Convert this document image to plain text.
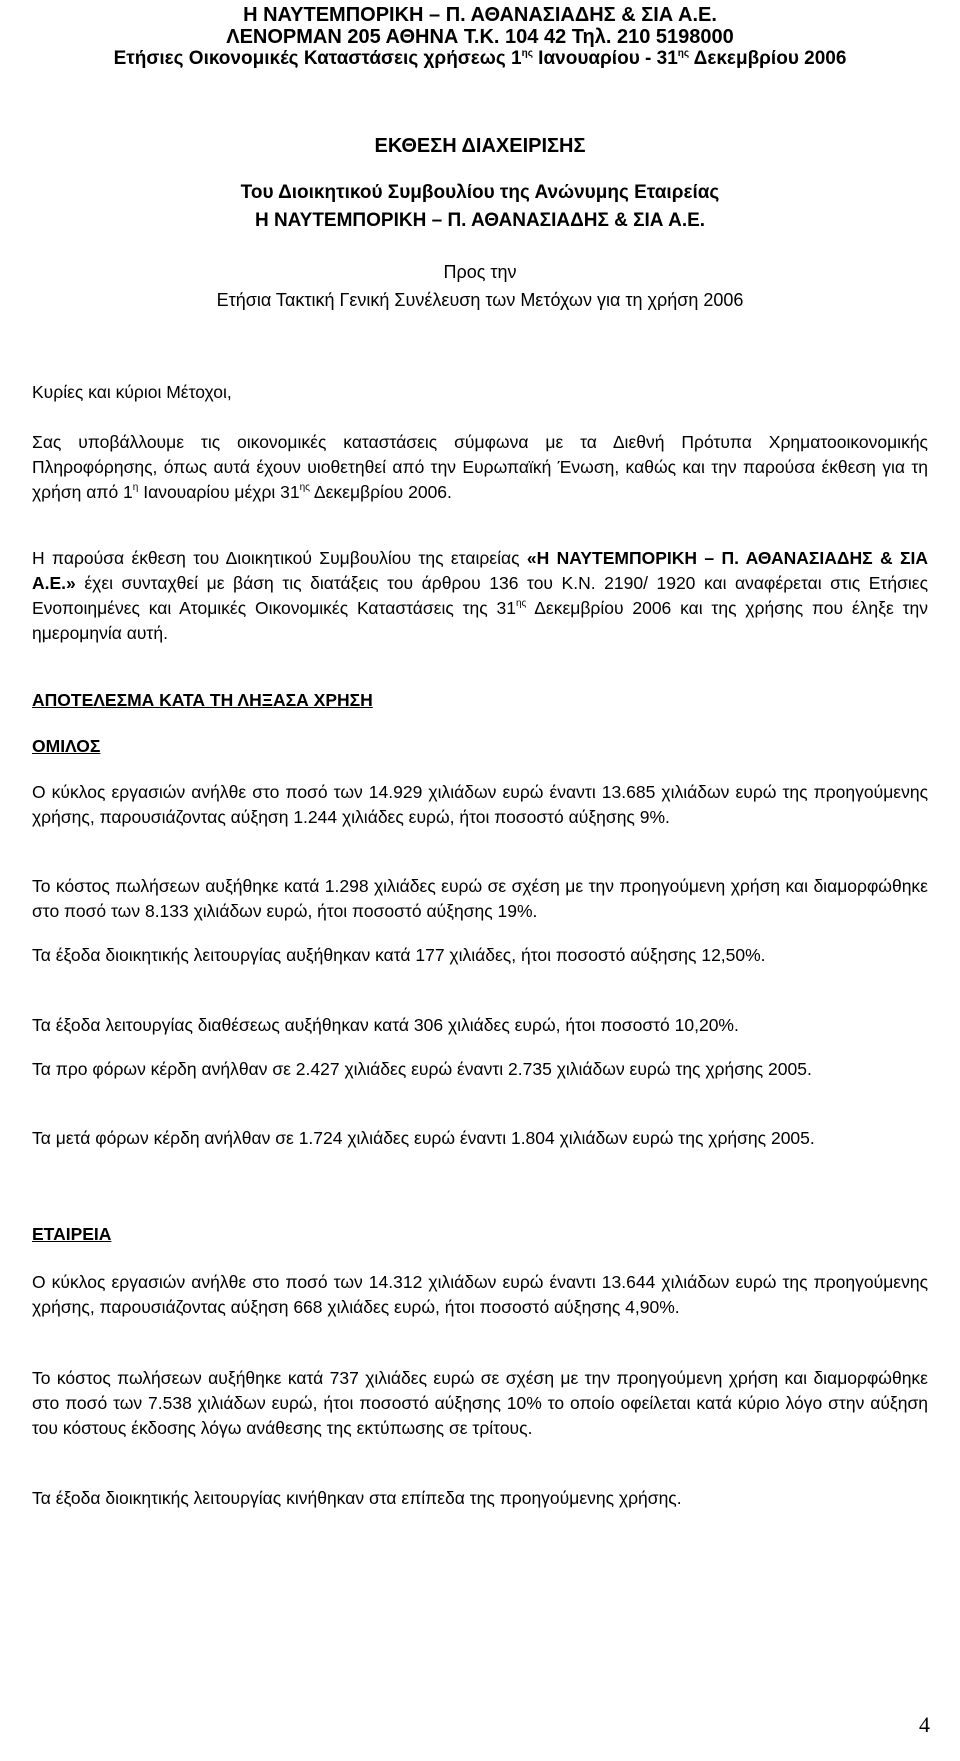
Η ΝΑΥΤΕΜΠΟΡΙΚΗ – Π. ΑΘΑΝΑΣΙΑΔΗΣ & ΣΙΑ Α.Ε.
ΛΕΝΟΡΜΑΝ 205 ΑΘΗΝΑ Τ.Κ. 104 42 Τηλ. 210 5198000
Ετήσιες Οικονομικές Καταστάσεις χρήσεως $1^{\eta\varsigma}$ Ιανουαρίου - $31^{\eta\varsigma}$ Δεκεμβρίου 2006
ΕΚΘΕΣΗ ΔΙΑΧΕΙΡΙΣΗΣ
Του Διοικητικού Συμβουλίου της Ανώνυμης Εταιρείας
Η ΝΑΥΤΕΜΠΟΡΙΚΗ – Π. ΑΘΑΝΑΣΙΑΔΗΣ & ΣΙΑ Α.Ε.
Προς την
Ετήσια Τακτική Γενική Συνέλευση των Μετόχων για τη χρήση 2006
Κυρίες και κύριοι Μέτοχοι,
Σας υποβάλλουμε τις οικονομικές καταστάσεις σύμφωνα με τα Διεθνή Πρότυπα Χρηματοοικονομικής Πληροφόρησης, όπως αυτά έχουν υιοθετηθεί από την Ευρωπαϊκή Ένωση, καθώς και την παρούσα έκθεση για τη χρήση από $1^\eta$ Ιανουαρίου μέχρι $31^{\eta\varsigma}$ Δεκεμβρίου 2006.
Η παρούσα έκθεση του Διοικητικού Συμβουλίου της εταιρείας «Η ΝΑΥΤΕΜΠΟΡΙΚΗ – Π. ΑΘΑΝΑΣΙΑΔΗΣ & ΣΙΑ Α.Ε.» έχει συνταχθεί με βάση τις διατάξεις του άρθρου 136 του Κ.Ν. 2190/ 1920 και αναφέρεται στις Ετήσιες Ενοποιημένες και Ατομικές Οικονομικές Καταστάσεις της $31^{\eta\varsigma}$ Δεκεμβρίου 2006 και της χρήσης που έληξε την ημερομηνία αυτή.
ΑΠΟΤΕΛΕΣΜΑ ΚΑΤΑ ΤΗ ΛΗΞΑΣΑ ΧΡΗΣΗ
ΟΜΙΛΟΣ
Ο κύκλος εργασιών ανήλθε στο ποσό των 14.929 χιλιάδων ευρώ έναντι 13.685 χιλιάδων ευρώ της προηγούμενης χρήσης, παρουσιάζοντας αύξηση 1.244 χιλιάδες ευρώ, ήτοι ποσοστό αύξησης 9%.
Το κόστος πωλήσεων αυξήθηκε κατά 1.298 χιλιάδες ευρώ σε σχέση με την προηγούμενη χρήση και διαμορφώθηκε στο ποσό των 8.133 χιλιάδων ευρώ, ήτοι ποσοστό αύξησης 19%.
Τα έξοδα διοικητικής λειτουργίας αυξήθηκαν κατά 177 χιλιάδες, ήτοι ποσοστό αύξησης 12,50%.
Τα έξοδα λειτουργίας διαθέσεως αυξήθηκαν κατά 306 χιλιάδες ευρώ, ήτοι ποσοστό 10,20%.
Τα προ φόρων κέρδη ανήλθαν σε 2.427 χιλιάδες ευρώ έναντι 2.735 χιλιάδων ευρώ της χρήσης 2005.
Τα μετά φόρων κέρδη ανήλθαν σε 1.724 χιλιάδες ευρώ έναντι 1.804 χιλιάδων ευρώ της χρήσης 2005.
ΕΤΑΙΡΕΙΑ
Ο κύκλος εργασιών ανήλθε στο ποσό των 14.312 χιλιάδων ευρώ έναντι 13.644 χιλιάδων ευρώ της προηγούμενης χρήσης, παρουσιάζοντας αύξηση 668 χιλιάδες ευρώ, ήτοι ποσοστό αύξησης 4,90%.
Το κόστος πωλήσεων αυξήθηκε κατά 737 χιλιάδες ευρώ σε σχέση με την προηγούμενη χρήση και διαμορφώθηκε στο ποσό των 7.538 χιλιάδων ευρώ, ήτοι ποσοστό αύξησης 10% το οποίο οφείλεται κατά κύριο λόγο στην αύξηση του κόστους έκδοσης λόγω ανάθεσης της εκτύπωσης σε τρίτους.
Τα έξοδα διοικητικής λειτουργίας κινήθηκαν στα επίπεδα της προηγούμενης χρήσης.
4
